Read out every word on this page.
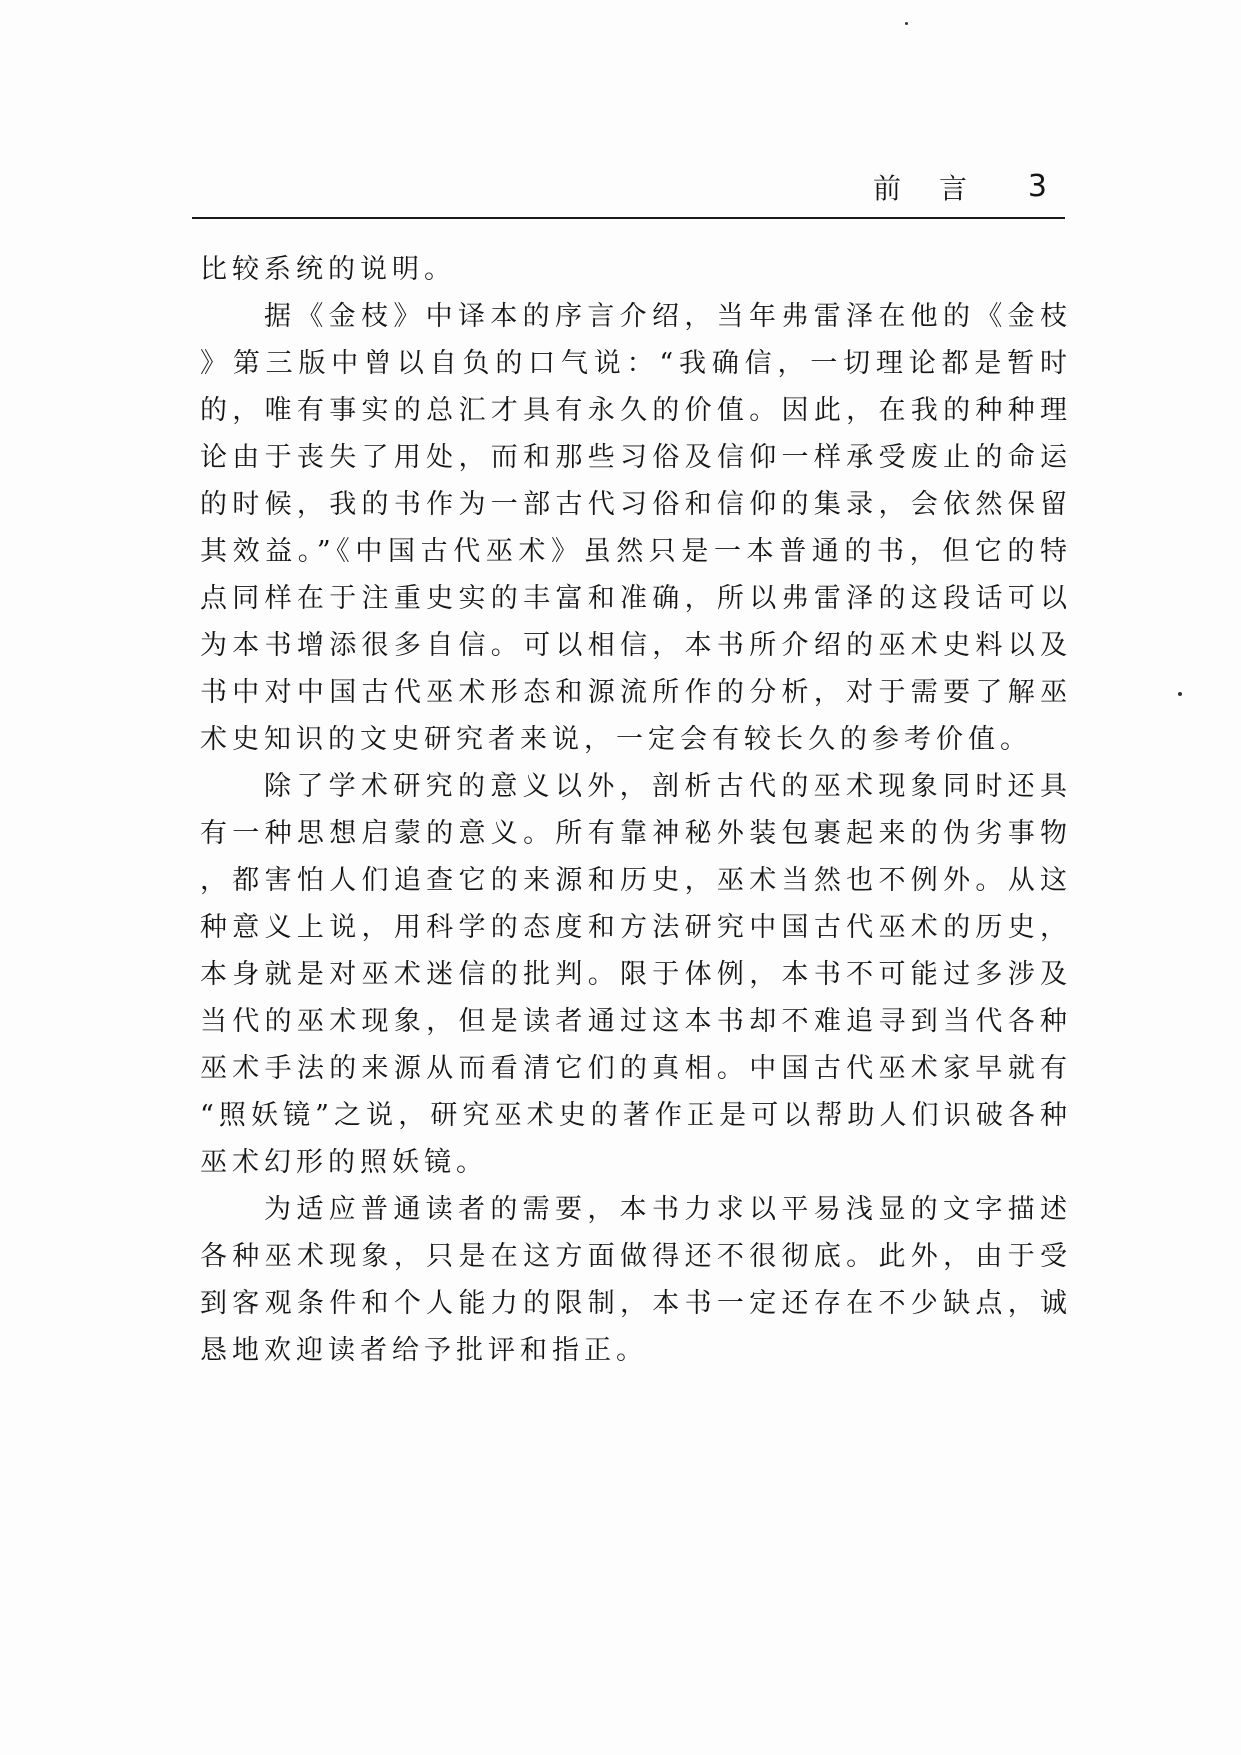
前言 3

比较系统的说明。

据《金枝》中译本的序言介绍，当年弗雷泽在他的《金枝》第三版中曾以自负的口气说：“我确信，一切理论都是暂时的，唯有事实的总汇才具有永久的价值。因此，在我的种种理论由于丧失了用处，而和那些习俗及信仰一样承受废止的命运的时候，我的书作为一部古代习俗和信仰的集录，会依然保留其效益。”《中国古代巫术》虽然只是一本普通的书，但它的特点同样在于注重史实的丰富和准确，所以弗雷泽的这段话可以为本书增添很多自信。可以相信，本书所介绍的巫术史料以及书中对中国古代巫术形态和源流所作的分析，对于需要了解巫术史知识的文史研究者来说，一定会有较长久的参考价值。

除了学术研究的意义以外，剖析古代的巫术现象同时还具有一种思想启蒙的意义。所有靠神秘外装包裹起来的伪劣事物，都害怕人们追查它的来源和历史，巫术当然也不例外。从这种意义上说，用科学的态度和方法研究中国古代巫术的历史，本身就是对巫术迷信的批判。限于体例，本书不可能过多涉及当代的巫术现象，但是读者通过这本书却不难追寻到当代各种巫术手法的来源从而看清它们的真相。中国古代巫术家早就有“照妖镜”之说，研究巫术史的著作正是可以帮助人们识破各种巫术幻形的照妖镜。

为适应普通读者的需要，本书力求以平易浅显的文字描述各种巫术现象，只是在这方面做得还不很彻底。此外，由于受到客观条件和个人能力的限制，本书一定还存在不少缺点，诚恳地欢迎读者给予批评和指正。
